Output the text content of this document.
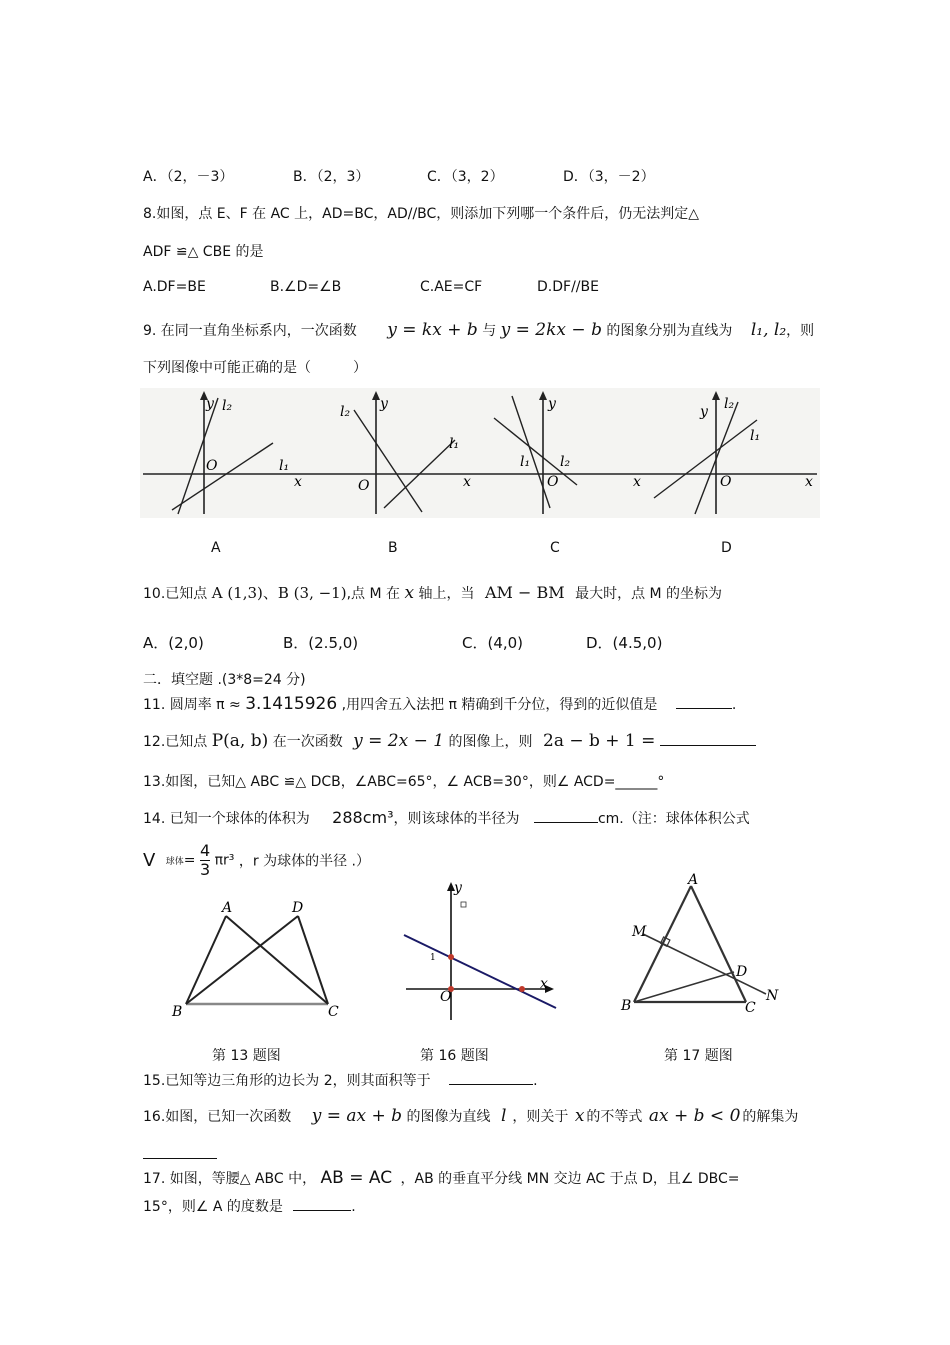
A．（2，－3）	B．（2，3）	C．（3，2）	D．（3，－2）
8.如图，点 E、F 在 AC 上，AD=BC，AD//BC，则添加下列哪一个条件后，仍无法判定△
ADF ≌△ CBE 的是
A.DF=BE	B.∠D=∠B	C.AE=CF	D.DF//BE
9. 在同一直角坐标系内，一次函数 y = kx + b 与 y = 2kx − b 的图象分别为直线为 l₁, l₂，则
下列图像中可能正确的是（　　　）
y l₂
O	l₁
x
y
l₂
O
l₁
x
y
l₁ l₂
O	x
y l₂
l₁
O	x
A	B	C	D
10.已知点 A (1,3)、B (3, −1),点 M 在 x 轴上，当 AM − BM 最大时，点 M 的坐标为
A．(2,0)	B．(2.5,0)	C．(4,0)	D．(4.5,0)
二．填空题 .(3*8=24 分)
11. 圆周率 π ≈ 3.1415926 ,用四舍五入法把 π 精确到千分位，得到的近似值是	.
12.已知点 P(a, b) 在一次函数 y = 2x − 1 的图像上，则 2a − b + 1 =
13.如图，已知△ ABC ≌△ DCB，∠ABC=65°，∠ ACB=30°，则∠ ACD=______°
14. 已知一个球体的体积为 288cm³，则该球体的半径为	cm.（注：球体体积公式
V 球体= $\frac{4}{3} \pi r^3$ ，r 为球体的半径 .）
A	D
B	C
y
x
1
O
A
M
D
N
B	C
第 13 题图	第 16 题图	第 17 题图
15.已知等边三角形的边长为 2，则其面积等于	.
16.如图，已知一次函数 y = ax + b 的图像为直线 l ，则关于 x 的不等式 ax + b < 0 的解集为
17. 如图，等腰△ ABC 中， AB = AC ，AB 的垂直平分线 MN 交边 AC 于点 D，且∠ DBC=
15°，则∠ A 的度数是	.
